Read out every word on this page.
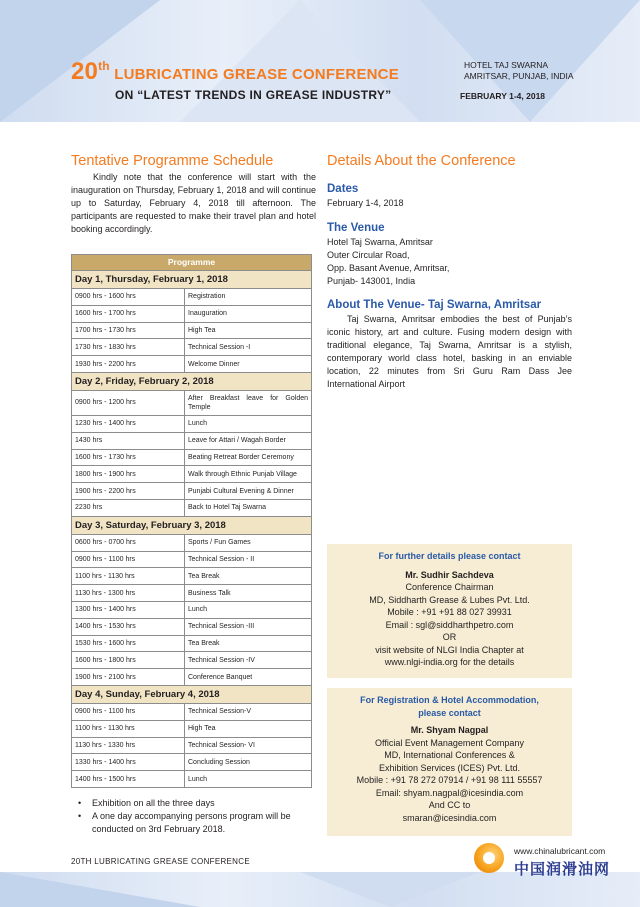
20th LUBRICATING GREASE CONFERENCE
ON “LATEST TRENDS IN GREASE INDUSTRY”
HOTEL TAJ SWARNA
AMRITSAR, PUNJAB, INDIA
FEBRUARY 1-4, 2018
Tentative Programme Schedule
Kindly note that the conference will start with the inauguration on Thursday, February 1, 2018 and will continue up to Saturday, February 4, 2018 till afternoon. The participants are requested to make their travel plan and hotel booking accordingly.
Programme	
Day 1, Thursday, February 1, 2018	
0900 hrs - 1600 hrs	Registration
1600 hrs - 1700 hrs	Inauguration
1700 hrs - 1730 hrs	High Tea
1730 hrs - 1830 hrs	Technical Session -I
1930 hrs - 2200 hrs	Welcome Dinner
Day 2, Friday, February 2, 2018	
0900 hrs - 1200 hrs	After Breakfast leave for Golden Temple
1230 hrs - 1400 hrs	Lunch
1430 hrs	Leave for Attari / Wagah Border
1600 hrs - 1730 hrs	Beating Retreat Border Ceremony
1800 hrs - 1900 hrs	Walk through Ethnic Punjab Village
1900 hrs - 2200 hrs	Punjabi Cultural Evening & Dinner
2230 hrs	Back to Hotel Taj Swarna
Day 3, Saturday, February 3, 2018	
0600 hrs - 0700 hrs	Sports / Fun Games
0900 hrs - 1100 hrs	Technical Session - II
1100 hrs - 1130 hrs	Tea Break
1130 hrs - 1300 hrs	Business Talk
1300 hrs - 1400 hrs	Lunch
1400 hrs - 1530 hrs	Technical Session -III
1530 hrs - 1600 hrs	Tea Break
1600 hrs - 1800 hrs	Technical Session -IV
1900 hrs - 2100 hrs	Conference Banquet
Day 4, Sunday, February 4, 2018	
0900 hrs - 1100 hrs	Technical Session-V
1100 hrs - 1130 hrs	High Tea
1130 hrs - 1330 hrs	Technical Session- VI
1330 hrs - 1400 hrs	Concluding Session
1400 hrs - 1500 hrs	Lunch
• Exhibition on all the three days
• A one day accompanying persons program will be conducted on 3rd February 2018.
Details About the Conference
Dates
February 1-4, 2018
The Venue
Hotel Taj Swarna, Amritsar
Outer Circular Road,
Opp. Basant Avenue, Amritsar,
Punjab- 143001, India
About The Venue- Taj Swarna, Amritsar
Taj Swarna, Amritsar embodies the best of Punjab’s iconic history, art and culture. Fusing modern design with traditional elegance, Taj Swarna, Amritsar is a stylish, contemporary world class hotel, basking in an enviable location, 22 minutes from Sri Guru Ram Dass Jee International Airport
For further details please contact
Mr. Sudhir Sachdeva
Conference Chairman
MD, Siddharth Grease & Lubes Pvt. Ltd.
Mobile : +91 +91 88 027 39931
Email : sgl@siddharthpetro.com
OR
visit website of NLGI India Chapter at
www.nlgi-india.org for the details
For Registration & Hotel Accommodation,
please contact
Mr. Shyam Nagpal
Official Event Management Company
MD, International Conferences &
Exhibition Services (ICES) Pvt. Ltd.
Mobile : +91 78 272 07914 / +91 98 111 55557
Email: shyam.nagpal@icesindia.com
And CC to
smaran@icesindia.com
20TH LUBRICATING GREASE CONFERENCE
www.chinalubricant.com
中国润滑油网
